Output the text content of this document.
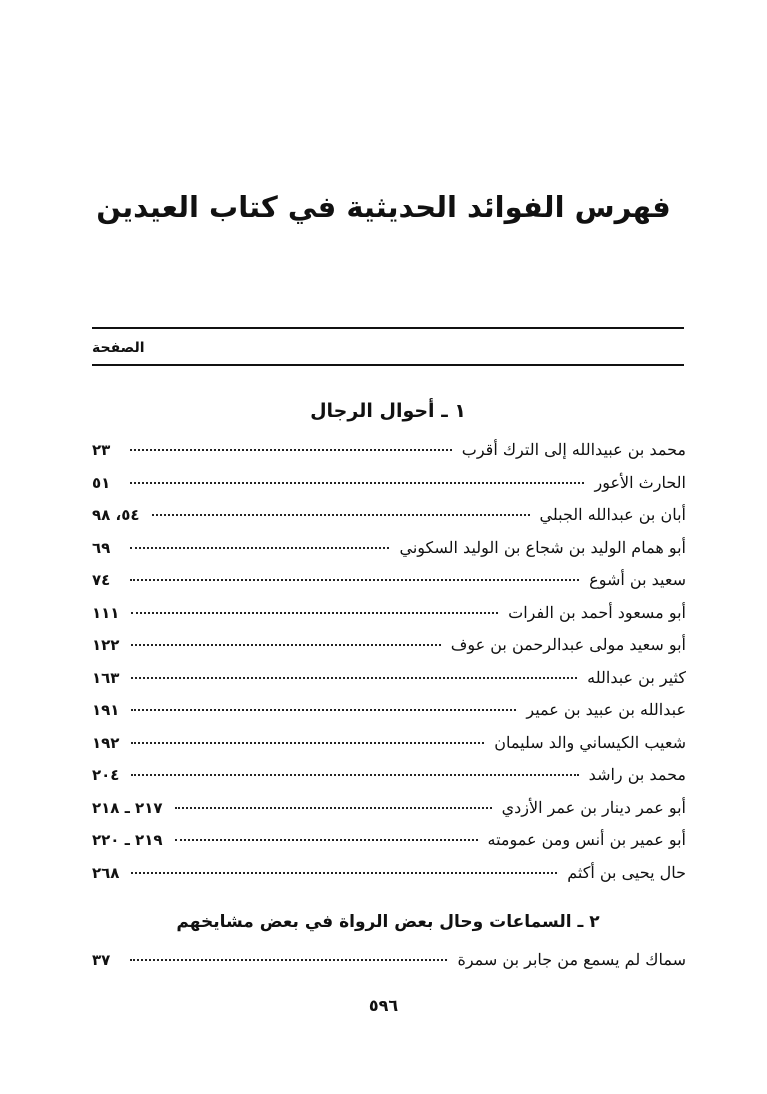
فهرس الفوائد الحديثية في كتاب العيدين
الصفحة
١ ـ أحوال الرجال
محمد بن عبيدالله إلى الترك أقرب
٢٣
الحارث الأعور
٥١
أبان بن عبدالله الجبلي
٥٤، ٩٨
أبو همام الوليد بن شجاع بن الوليد السكوني
٦٩
سعيد بن أشوع
٧٤
أبو مسعود أحمد بن الفرات
١١١
أبو سعيد مولى عبدالرحمن بن عوف
١٢٢
كثير بن عبدالله
١٦٣
عبدالله بن عبيد بن عمير
١٩١
شعيب الكيساني والد سليمان
١٩٢
محمد بن راشد
٢٠٤
أبو عمر دينار بن عمر الأزدي
٢١٧ ـ ٢١٨
أبو عمير بن أنس ومن عمومته
٢١٩ ـ ٢٢٠
حال يحيى بن أكثم
٢٦٨
٢ ـ السماعات وحال بعض الرواة في بعض مشايخهم
سماك لم يسمع من جابر بن سمرة
٣٧
٥٩٦
